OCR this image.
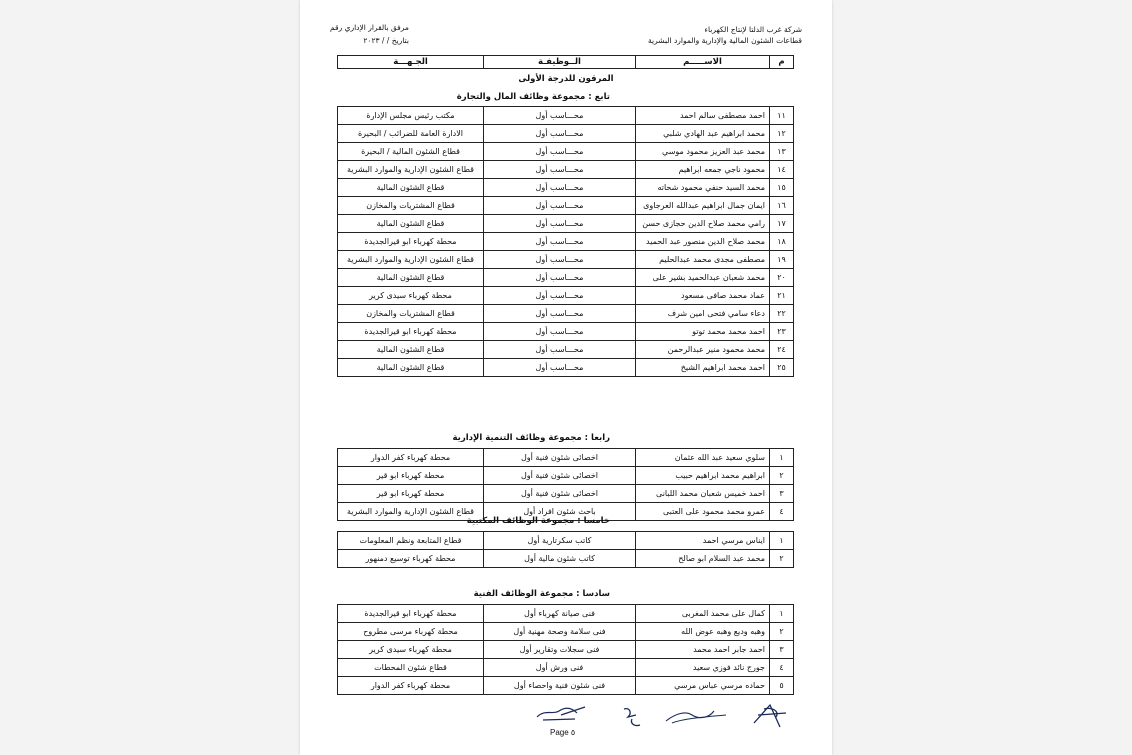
شركة غرب الدلتا لإنتاج الكهرباء
قطاعات الشئون المالية والإدارية والموارد البشرية
مرفق بالقرار الإداري رقم
بتاريخ / / ٢٠٢٣
م	الاســـــم	الــوظيفـة	الجـهـــة
المرقون للدرجة الأولى
تابع : مجموعة وظائف المال والتجارة
١١	احمد مصطفى سالم احمد	محـــاسب أول	مكتب رئيس مجلس الإدارة
١٢	محمد ابراهيم عبد الهادي شلبي	محـــاسب أول	الادارة العامة للضرائب / البحيرة
١٣	محمد عبد العزيز محمود موسي	محـــاسب أول	قطاع الشئون المالية / البحيرة
١٤	محمود ناجي جمعه ابراهيم	محـــاسب أول	قطاع الشئون الإدارية والموارد البشرية
١٥	محمد السيد حنفي محمود شحاته	محـــاسب أول	قطاع الشئون المالية
١٦	ايمان جمال ابراهيم عبدالله العرجاوى	محـــاسب أول	قطاع المشتريات والمخازن
١٧	رامي محمد صلاح الدين حجازى حسن	محـــاسب أول	قطاع الشئون المالية
١٨	محمد صلاح الدين منصور عبد الحميد	محـــاسب أول	محطة كهرباء ابو قيرالجديدة
١٩	مصطفى مجدى محمد عبدالحليم	محـــاسب أول	قطاع الشئون الإدارية والموارد البشرية
٢٠	محمد شعبان عبدالحميد بشير على	محـــاسب أول	قطاع الشئون المالية
٢١	عماد محمد صافى مسعود	محـــاسب أول	محطة كهرباء سيدى كرير
٢٢	دعاء سامي فتحى امين شرف	محـــاسب أول	قطاع المشتريات والمخازن
٢٣	احمد محمد محمد توتو	محـــاسب أول	محطة كهرباء ابو قيرالجديدة
٢٤	محمد محمود منير عبدالرحمن	محـــاسب أول	قطاع الشئون المالية
٢٥	احمد محمد ابراهيم الشيخ	محـــاسب أول	قطاع الشئون المالية
رابعا : مجموعة وظائف التنمية الإدارية
١	سلوي سعيد عبد الله عثمان	اخصائى شئون فنية أول	محطة كهرباء كفر الدوار
٢	ابراهيم محمد ابراهيم حبيب	اخصائى شئون فنية أول	محطة كهرباء ابو قير
٣	احمد خميس شعبان محمد اللبانى	اخصائى شئون فنية أول	محطة كهرباء ابو قير
٤	عمرو محمد محمود على العتبى	باحث شئون افراد أول	قطاع الشئون الإدارية والموارد البشرية
خامسا : مجموعة الوظائف المكتبية
١	ايناس مرسي احمد	كاتب سكرتارية أول	قطاع المتابعة ونظم المعلومات
٢	محمد عبد السلام ابو صالح	كاتب شئون مالية أول	محطة كهرباء توسيع دمنهور
سادسا : مجموعة الوظائف الفنية
١	كمال على محمد المغربى	فنى صيانة كهرباء أول	محطة كهرباء ابو قيرالجديدة
٢	وهبه وديع وهبه عوض الله	فنى سلامة وصحة مهنية أول	محطة كهرباء مرسى مطروح
٣	احمد جابر احمد محمد	فنى سجلات وتقارير أول	محطة كهرباء سيدى كرير
٤	جورج نائد فوزي سعيد	فنى ورش أول	قطاع شئون المحطات
٥	حماده مرسي عباس مرسي	فنى شئون فنية واحصاء أول	محطة كهرباء كفر الدوار
Page ٥
